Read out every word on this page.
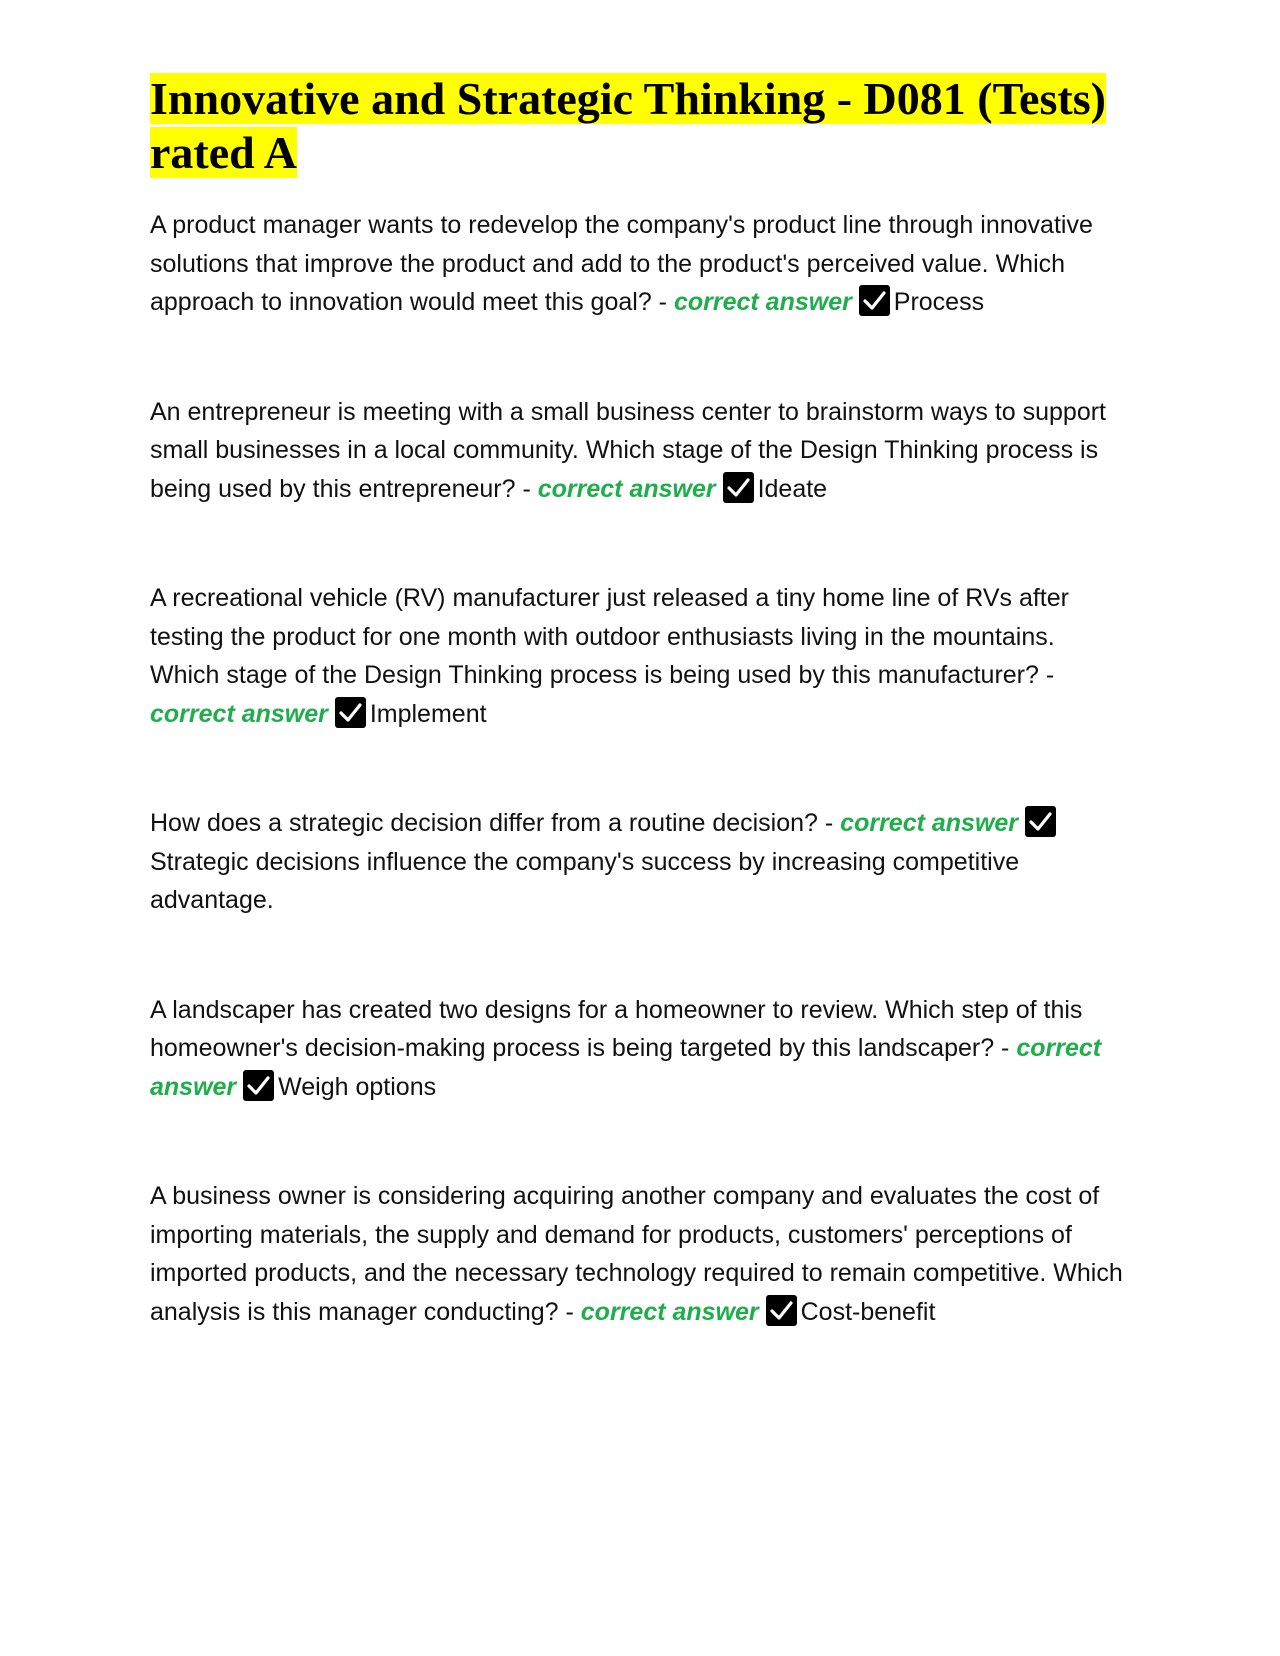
Innovative and Strategic Thinking - D081 (Tests) rated A

A product manager wants to redevelop the company's product line through innovative solutions that improve the product and add to the product's perceived value. Which approach to innovation would meet this goal? - correct answer Process

An entrepreneur is meeting with a small business center to brainstorm ways to support small businesses in a local community. Which stage of the Design Thinking process is being used by this entrepreneur? - correct answer Ideate

A recreational vehicle (RV) manufacturer just released a tiny home line of RVs after testing the product for one month with outdoor enthusiasts living in the mountains. Which stage of the Design Thinking process is being used by this manufacturer? - correct answer Implement

How does a strategic decision differ from a routine decision? - correct answer
Strategic decisions influence the company's success by increasing competitive advantage.

A landscaper has created two designs for a homeowner to review. Which step of this homeowner's decision-making process is being targeted by this landscaper? - correct answer Weigh options

A business owner is considering acquiring another company and evaluates the cost of importing materials, the supply and demand for products, customers' perceptions of imported products, and the necessary technology required to remain competitive. Which analysis is this manager conducting? - correct answer Cost-benefit
